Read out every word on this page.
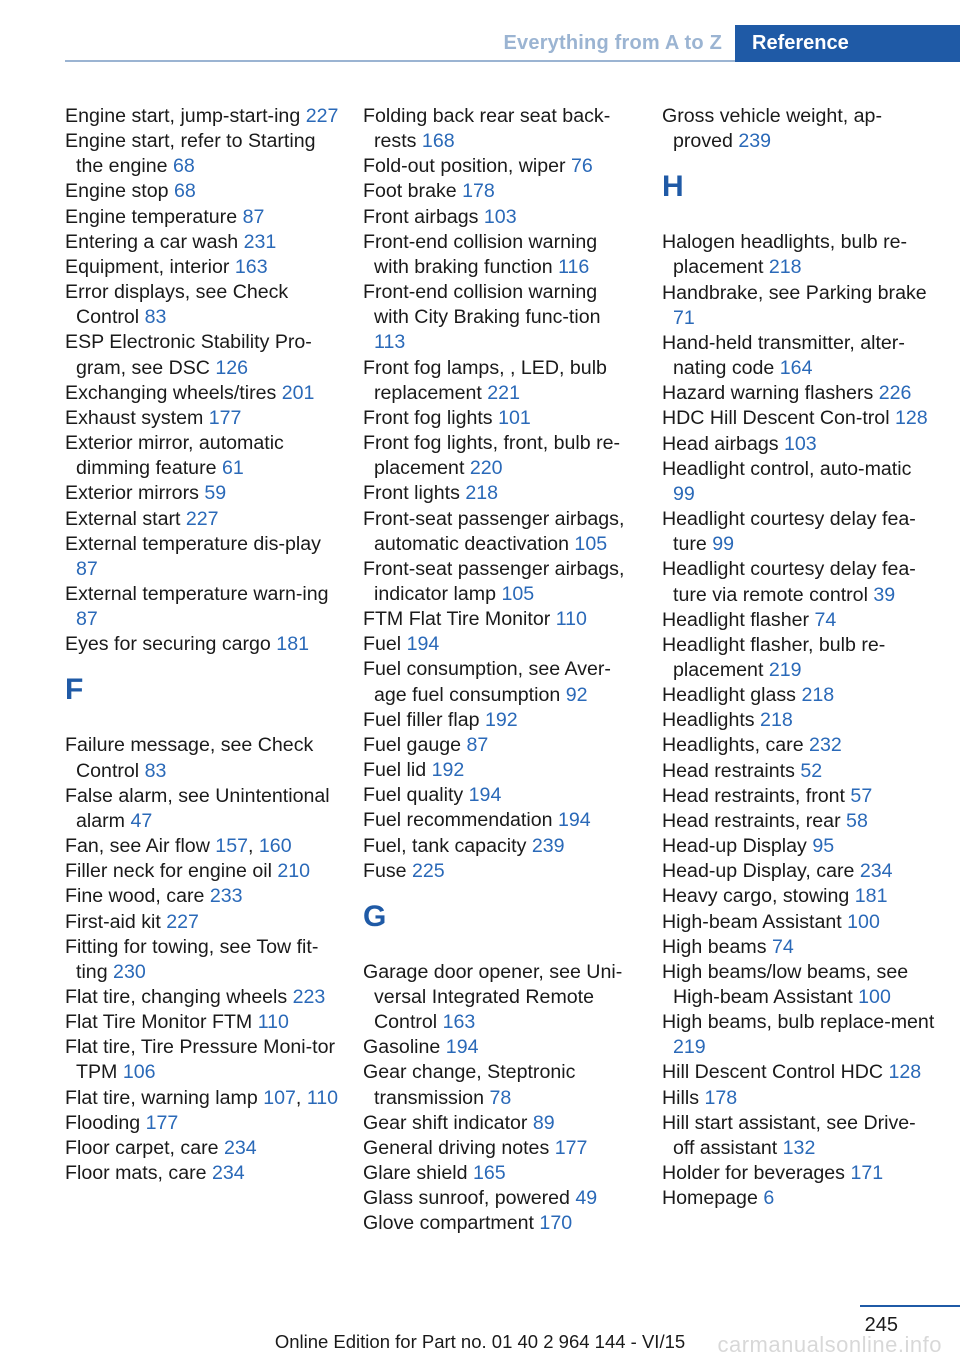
Everything from A to Z	Reference
Engine start, jump-start-ing 227
Engine start, refer to Starting the engine 68
Engine stop 68
Engine temperature 87
Entering a car wash 231
Equipment, interior 163
Error displays, see Check Control 83
ESP Electronic Stability Pro-gram, see DSC 126
Exchanging wheels/tires 201
Exhaust system 177
Exterior mirror, automatic dimming feature 61
Exterior mirrors 59
External start 227
External temperature dis-play 87
External temperature warn-ing 87
Eyes for securing cargo 181
F
Failure message, see Check Control 83
False alarm, see Unintentional alarm 47
Fan, see Air flow 157, 160
Filler neck for engine oil 210
Fine wood, care 233
First-aid kit 227
Fitting for towing, see Tow fit-ting 230
Flat tire, changing wheels 223
Flat Tire Monitor FTM 110
Flat tire, Tire Pressure Moni-tor TPM 106
Flat tire, warning lamp 107, 110
Flooding 177
Floor carpet, care 234
Floor mats, care 234
Folding back rear seat back-rests 168
Fold-out position, wiper 76
Foot brake 178
Front airbags 103
Front-end collision warning with braking function 116
Front-end collision warning with City Braking func-tion 113
Front fog lamps, , LED, bulb replacement 221
Front fog lights 101
Front fog lights, front, bulb re-placement 220
Front lights 218
Front-seat passenger airbags, automatic deactivation 105
Front-seat passenger airbags, indicator lamp 105
FTM Flat Tire Monitor 110
Fuel 194
Fuel consumption, see Aver-age fuel consumption 92
Fuel filler flap 192
Fuel gauge 87
Fuel lid 192
Fuel quality 194
Fuel recommendation 194
Fuel, tank capacity 239
Fuse 225
G
Garage door opener, see Uni-versal Integrated Remote Control 163
Gasoline 194
Gear change, Steptronic transmission 78
Gear shift indicator 89
General driving notes 177
Glare shield 165
Glass sunroof, powered 49
Glove compartment 170
Gross vehicle weight, ap-proved 239
H
Halogen headlights, bulb re-placement 218
Handbrake, see Parking brake 71
Hand-held transmitter, alter-nating code 164
Hazard warning flashers 226
HDC Hill Descent Con-trol 128
Head airbags 103
Headlight control, auto-matic 99
Headlight courtesy delay fea-ture 99
Headlight courtesy delay fea-ture via remote control 39
Headlight flasher 74
Headlight flasher, bulb re-placement 219
Headlight glass 218
Headlights 218
Headlights, care 232
Head restraints 52
Head restraints, front 57
Head restraints, rear 58
Head-up Display 95
Head-up Display, care 234
Heavy cargo, stowing 181
High-beam Assistant 100
High beams 74
High beams/low beams, see High-beam Assistant 100
High beams, bulb replace-ment 219
Hill Descent Control HDC 128
Hills 178
Hill start assistant, see Drive-off assistant 132
Holder for beverages 171
Homepage 6
245
Online Edition for Part no. 01 40 2 964 144 - VI/15	carmanualsonline.info
